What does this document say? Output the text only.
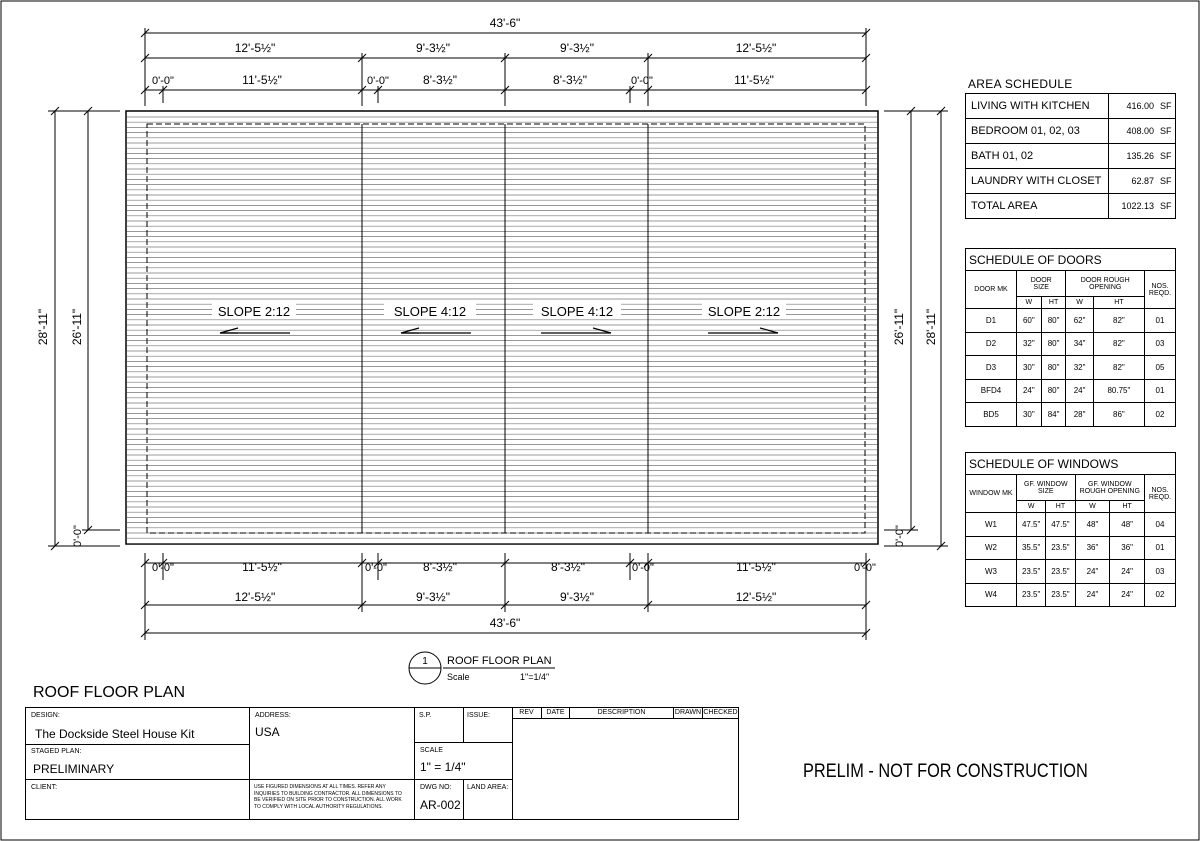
43'-6"
12'-5½"	9'-3½"	9'-3½"	12'-5½"
0'-0"	11'-5½"	0'-0"	8'-3½"	8'-3½"	0'-0"	11'-5½"
0'-0"	11'-5½"	0'-0"	8'-3½"	8'-3½"	0'-0"	11'-5½"	0'-0"
12'-5½"	9'-3½"	9'-3½"	12'-5½"
43'-6"
28'-11" 26'-11"
0'-0"
26'-11" 28'-11"
0'-0"
SLOPE 2:12	SLOPE 4:12	SLOPE 4:12	SLOPE 2:12
1 ROOF FLOOR PLAN
Scale	1"=1/4"
AREA SCHEDULE
LIVING WITH KITCHEN	416.00	SF
BEDROOM 01, 02, 03	408.00	SF
BATH 01, 02	135.26	SF
LAUNDRY WITH CLOSET	62.87	SF
TOTAL AREA	1022.13	SF
SCHEDULE OF DOORS					
DOOR MK	DOOR SIZE		DOOR ROUGH OPENING		NOS. REQD.
	W	HT	W	HT	
D1	60"	80"	62"	82"	01
D2	32"	80"	34"	82"	03
D3	30"	80"	32"	82"	05
BFD4	24"	80"	24"	80.75"	01
BD5	30"	84"	28"	86"	02
SCHEDULE OF WINDOWS					
WINDOW MK	GF. WINDOW SIZE		GF. WINDOW ROUGH OPENING		NOS. REQD.
	W	HT	W	HT	
W1	47.5"	47.5"	48"	48"	04
W2	35.5"	23.5"	36"	36"	01
W3	23.5"	23.5"	24"	24"	03
W4	23.5"	23.5"	24"	24"	02
ROOF FLOOR PLAN
DESIGN:
The Dockside Steel House Kit
ADDRESS:
USA
S.P.	ISSUE:
STAGED PLAN:
PRELIMINARY
SCALE
1" = 1/4"
CLIENT:	USE FIGURED DIMENSIONS AT ALL TIMES. REFER ANY INQUIRIES TO BUILDING CONTRACTOR. ALL DIMENSIONS TO BE VERIFIED ON SITE PRIOR TO CONSTRUCTION. ALL WORK TO COMPLY WITH LOCAL AUTHORITY REGULATIONS.
DWG NO:
AR-002
LAND AREA:
REV	DATE	DESCRIPTION	DRAWN CHECKED
PRELIM - NOT FOR CONSTRUCTION
